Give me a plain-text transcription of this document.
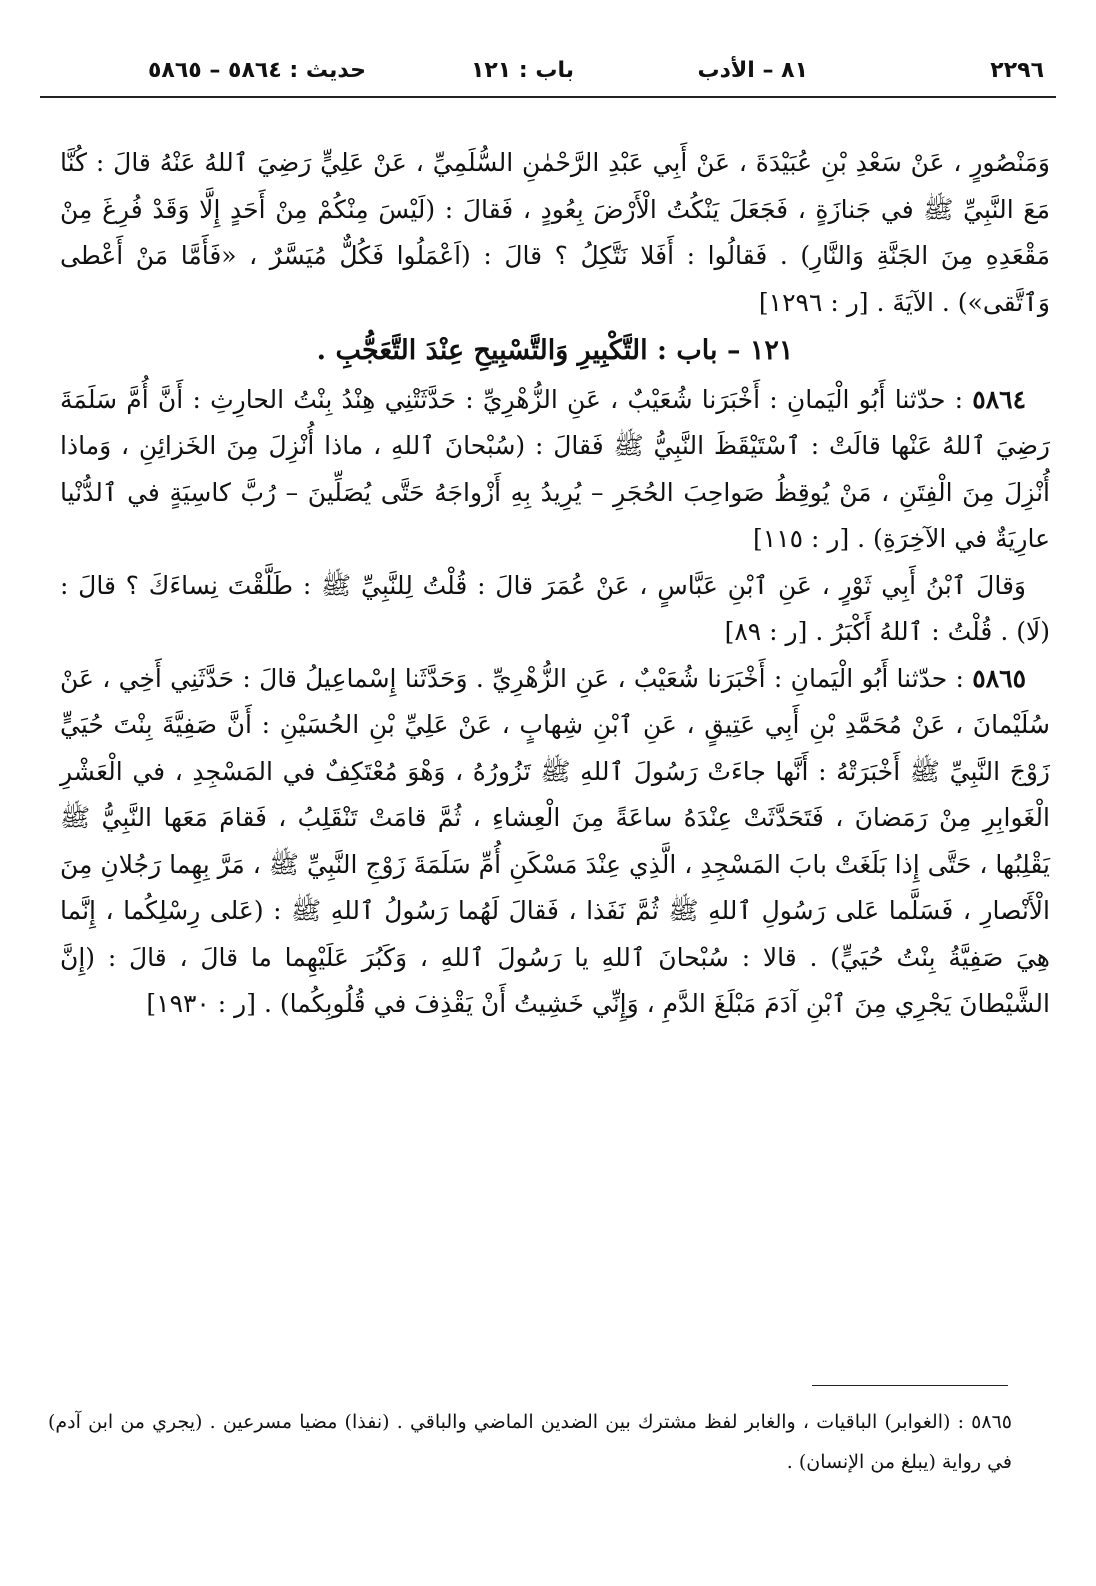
٢٢٩٦
٨١ – الأدب
باب : ١٢١
حديث : ٥٨٦٤ – ٥٨٦٥

وَمَنْصُورٍ ، عَنْ سَعْدِ بْنِ عُبَيْدَةَ ، عَنْ أَبِي عَبْدِ الرَّحْمٰنِ السُّلَمِيِّ ، عَنْ عَلِيٍّ رَضِيَ ٱللهُ عَنْهُ قالَ : كُنَّا مَعَ النَّبِيِّ ﷺ في جَنازَةٍ ، فَجَعَلَ يَنْكُتُ الْأَرْضَ بِعُودٍ ، فَقالَ : (لَيْسَ مِنْكُمْ مِنْ أَحَدٍ إِلَّا وَقَدْ فُرِغَ مِنْ مَقْعَدِهِ مِنَ الجَنَّةِ وَالنَّارِ) . فَقالُوا : أَفَلا نَتَّكِلُ ؟ قالَ : (اَعْمَلُوا فَكُلٌّ مُيَسَّرٌ ، «فَأَمَّا مَنْ أَعْطى وَٱتَّقى») . الآيَةَ . [ر : ١٢٩٦]

١٢١ – باب : التَّكْبِيرِ وَالتَّسْبِيحِ عِنْدَ التَّعَجُّبِ .

٥٨٦٤ : حدّثنا أَبُو الْيَمانِ : أَخْبَرَنا شُعَيْبٌ ، عَنِ الزُّهْرِيِّ : حَدَّثَتْنِي هِنْدُ بِنْتُ الحارِثِ : أَنَّ أُمَّ سَلَمَةَ رَضِيَ ٱللهُ عَنْها قالَتْ : ٱسْتَيْقَظَ النَّبِيُّ ﷺ فَقالَ : (سُبْحانَ ٱللهِ ، ماذا أُنْزِلَ مِنَ الخَزائِنِ ، وَماذا أُنْزِلَ مِنَ الْفِتَنِ ، مَنْ يُوقِظُ صَواحِبَ الحُجَرِ – يُرِيدُ بِهِ أَزْواجَهُ حَتَّى يُصَلِّينَ – رُبَّ كاسِيَةٍ في ٱلدُّنْيا عارِيَةٌ في الآخِرَةِ) . [ر : ١١٥]

وَقالَ ٱبْنُ أَبِي ثَوْرٍ ، عَنِ ٱبْنِ عَبَّاسٍ ، عَنْ عُمَرَ قالَ : قُلْتُ لِلنَّبِيِّ ﷺ : طَلَّقْتَ نِساءَكَ ؟ قالَ : (لَا) . قُلْتُ : ٱللهُ أَكْبَرُ . [ر : ٨٩]

٥٨٦٥ : حدّثنا أَبُو الْيَمانِ : أَخْبَرَنا شُعَيْبٌ ، عَنِ الزُّهْرِيِّ . وَحَدَّثَنا إِسْماعِيلُ قالَ : حَدَّثَنِي أَخِي ، عَنْ سُلَيْمانَ ، عَنْ مُحَمَّدِ بْنِ أَبِي عَتِيقٍ ، عَنِ ٱبْنِ شِهابٍ ، عَنْ عَلِيِّ بْنِ الحُسَيْنِ : أَنَّ صَفِيَّةَ بِنْتَ حُيَيٍّ زَوْجَ النَّبِيِّ ﷺ أَخْبَرَتْهُ : أَنَّها جاءَتْ رَسُولَ ٱللهِ ﷺ تَزُورُهُ ، وَهْوَ مُعْتَكِفٌ في المَسْجِدِ ، في الْعَشْرِ الْغَوابِرِ مِنْ رَمَضانَ ، فَتَحَدَّثَتْ عِنْدَهُ ساعَةً مِنَ الْعِشاءِ ، ثُمَّ قامَتْ تَنْقَلِبُ ، فَقامَ مَعَها النَّبِيُّ ﷺ يَقْلِبُها ، حَتَّى إِذا بَلَغَتْ بابَ المَسْجِدِ ، الَّذِي عِنْدَ مَسْكَنِ أُمِّ سَلَمَةَ زَوْجِ النَّبِيِّ ﷺ ، مَرَّ بِهِما رَجُلانِ مِنَ الْأَنْصارِ ، فَسَلَّما عَلى رَسُولِ ٱللهِ ﷺ ثُمَّ نَفَذا ، فَقالَ لَهُما رَسُولُ ٱللهِ ﷺ : (عَلى رِسْلِكُما ، إِنَّما هِيَ صَفِيَّةُ بِنْتُ حُيَيٍّ) . قالا : سُبْحانَ ٱللهِ يا رَسُولَ ٱللهِ ، وَكَبُرَ عَلَيْهِما ما قالَ ، قالَ : (إِنَّ الشَّيْطانَ يَجْرِي مِنَ ٱبْنِ آدَمَ مَبْلَغَ الدَّمِ ، وَإِنِّي خَشِيتُ أَنْ يَقْذِفَ في قُلُوبِكُما) . [ر : ١٩٣٠]

٥٨٦٥ : (الغوابر) الباقيات ، والغابر لفظ مشترك بين الضدين الماضي والباقي . (نفذا) مضيا مسرعين . (يجري من ابن آدم) في رواية (يبلغ من الإنسان) .
